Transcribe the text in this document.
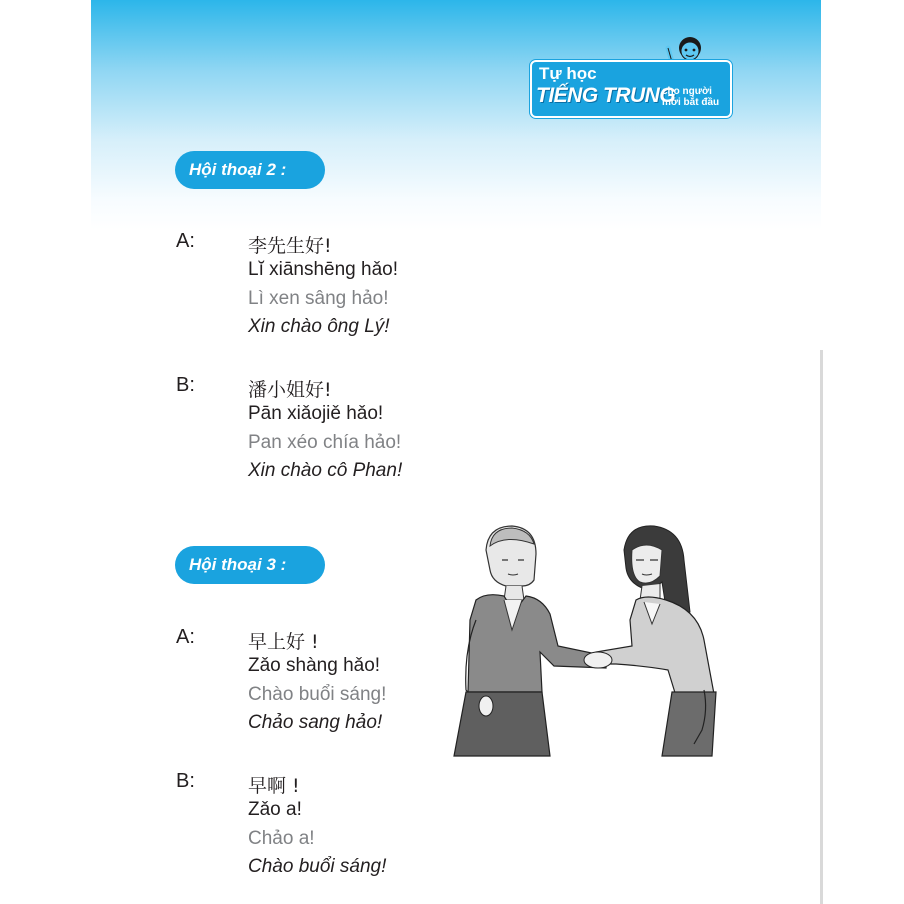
Tự học
TIẾNG TRUNG
cho người
mới bắt đầu
Hội thoại 2 :
A:	李先生好!
Lĭ xiānshēng hǎo!
Lì xen sâng hảo!
Xin chào ông Lý!
B:	潘小姐好!
Pān xiǎojiě hǎo!
Pan xéo chía hảo!
Xin chào cô Phan!
Hội thoại 3 :
A:	早上好 !
Zǎo shàng hǎo!
Chào buổi sáng!
Chảo sang hảo!
B:	早啊 !
Zǎo a!
Chảo a!
Chào buổi sáng!
